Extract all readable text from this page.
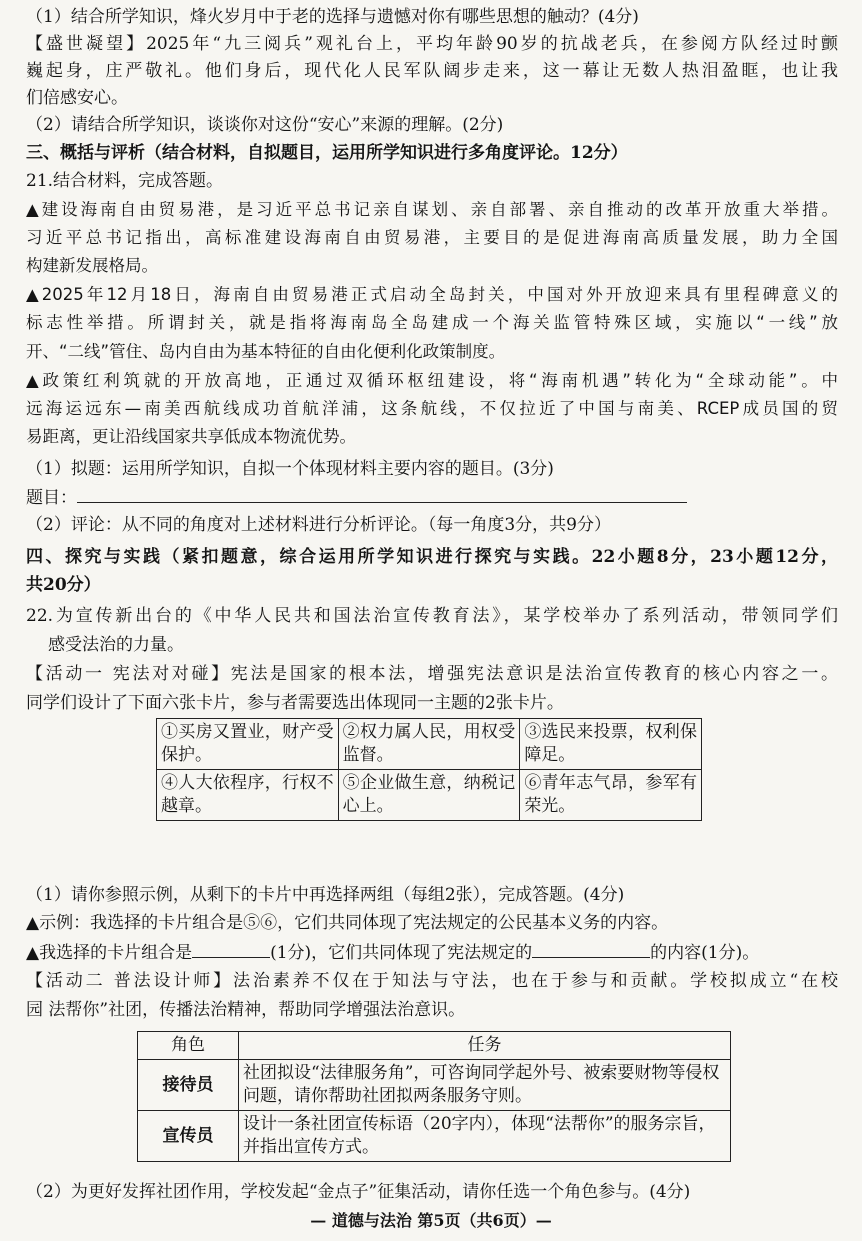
（1）结合所学知识，烽火岁月中于老的选择与遗憾对你有哪些思想的触动？(4分)
【盛世凝望】2025年“九三阅兵”观礼台上，平均年龄90岁的抗战老兵，在参阅方队经过时颤
巍起身，庄严敬礼。他们身后，现代化人民军队阔步走来，这一幕让无数人热泪盈眶，也让我
们倍感安心。
（2）请结合所学知识，谈谈你对这份“安心”来源的理解。(2分)
三、概括与评析（结合材料，自拟题目，运用所学知识进行多角度评论。12分）
21.结合材料，完成答题。
▲建设海南自由贸易港，是习近平总书记亲自谋划、亲自部署、亲自推动的改革开放重大举措。
习近平总书记指出，高标准建设海南自由贸易港，主要目的是促进海南高质量发展，助力全国
构建新发展格局。
▲2025年12月18日，海南自由贸易港正式启动全岛封关，中国对外开放迎来具有里程碑意义的
标志性举措。所谓封关，就是指将海南岛全岛建成一个海关监管特殊区域，实施以“一线”放
开、“二线”管住、岛内自由为基本特征的自由化便利化政策制度。
▲政策红利筑就的开放高地，正通过双循环枢纽建设，将“海南机遇”转化为“全球动能”。中
远海运远东—南美西航线成功首航洋浦，这条航线，不仅拉近了中国与南美、RCEP成员国的贸
易距离，更让沿线国家共享低成本物流优势。
（1）拟题：运用所学知识，自拟一个体现材料主要内容的题目。(3分)
题目：
（2）评论：从不同的角度对上述材料进行分析评论。（每一角度3分，共9分）
四、探究与实践（紧扣题意，综合运用所学知识进行探究与实践。22小题8分，23小题12分，
共20分）
22.为宣传新出台的《中华人民共和国法治宣传教育法》，某学校举办了系列活动，带领同学们
感受法治的力量。
【活动一 宪法对对碰】宪法是国家的根本法，增强宪法意识是法治宣传教育的核心内容之一。
同学们设计了下面六张卡片，参与者需要选出体现同一主题的2张卡片。
①买房又置业，财产受保护。	②权力属人民，用权受监督。	③选民来投票，权利保障足。
④人大依程序，行权不越章。	⑤企业做生意，纳税记心上。	⑥青年志气昂，参军有荣光。
（1）请你参照示例，从剩下的卡片中再选择两组（每组2张），完成答题。(4分)
▲示例：我选择的卡片组合是⑤⑥，它们共同体现了宪法规定的公民基本义务的内容。
▲我选择的卡片组合是	(1分)，它们共同体现了宪法规定的	的内容(1分)。
【活动二 普法设计师】法治素养不仅在于知法与守法，也在于参与和贡献。学校拟成立“在校
园 法帮你”社团，传播法治精神，帮助同学增强法治意识。
角色	任务
接待员	社团拟设“法律服务角”，可咨询同学起外号、被索要财物等侵权问题，请你帮助社团拟两条服务守则。
宣传员	设计一条社团宣传标语（20字内），体现“法帮你”的服务宗旨，并指出宣传方式。
（2）为更好发挥社团作用，学校发起“金点子”征集活动，请你任选一个角色参与。(4分)
— 道德与法治 第5页（共6页）—
